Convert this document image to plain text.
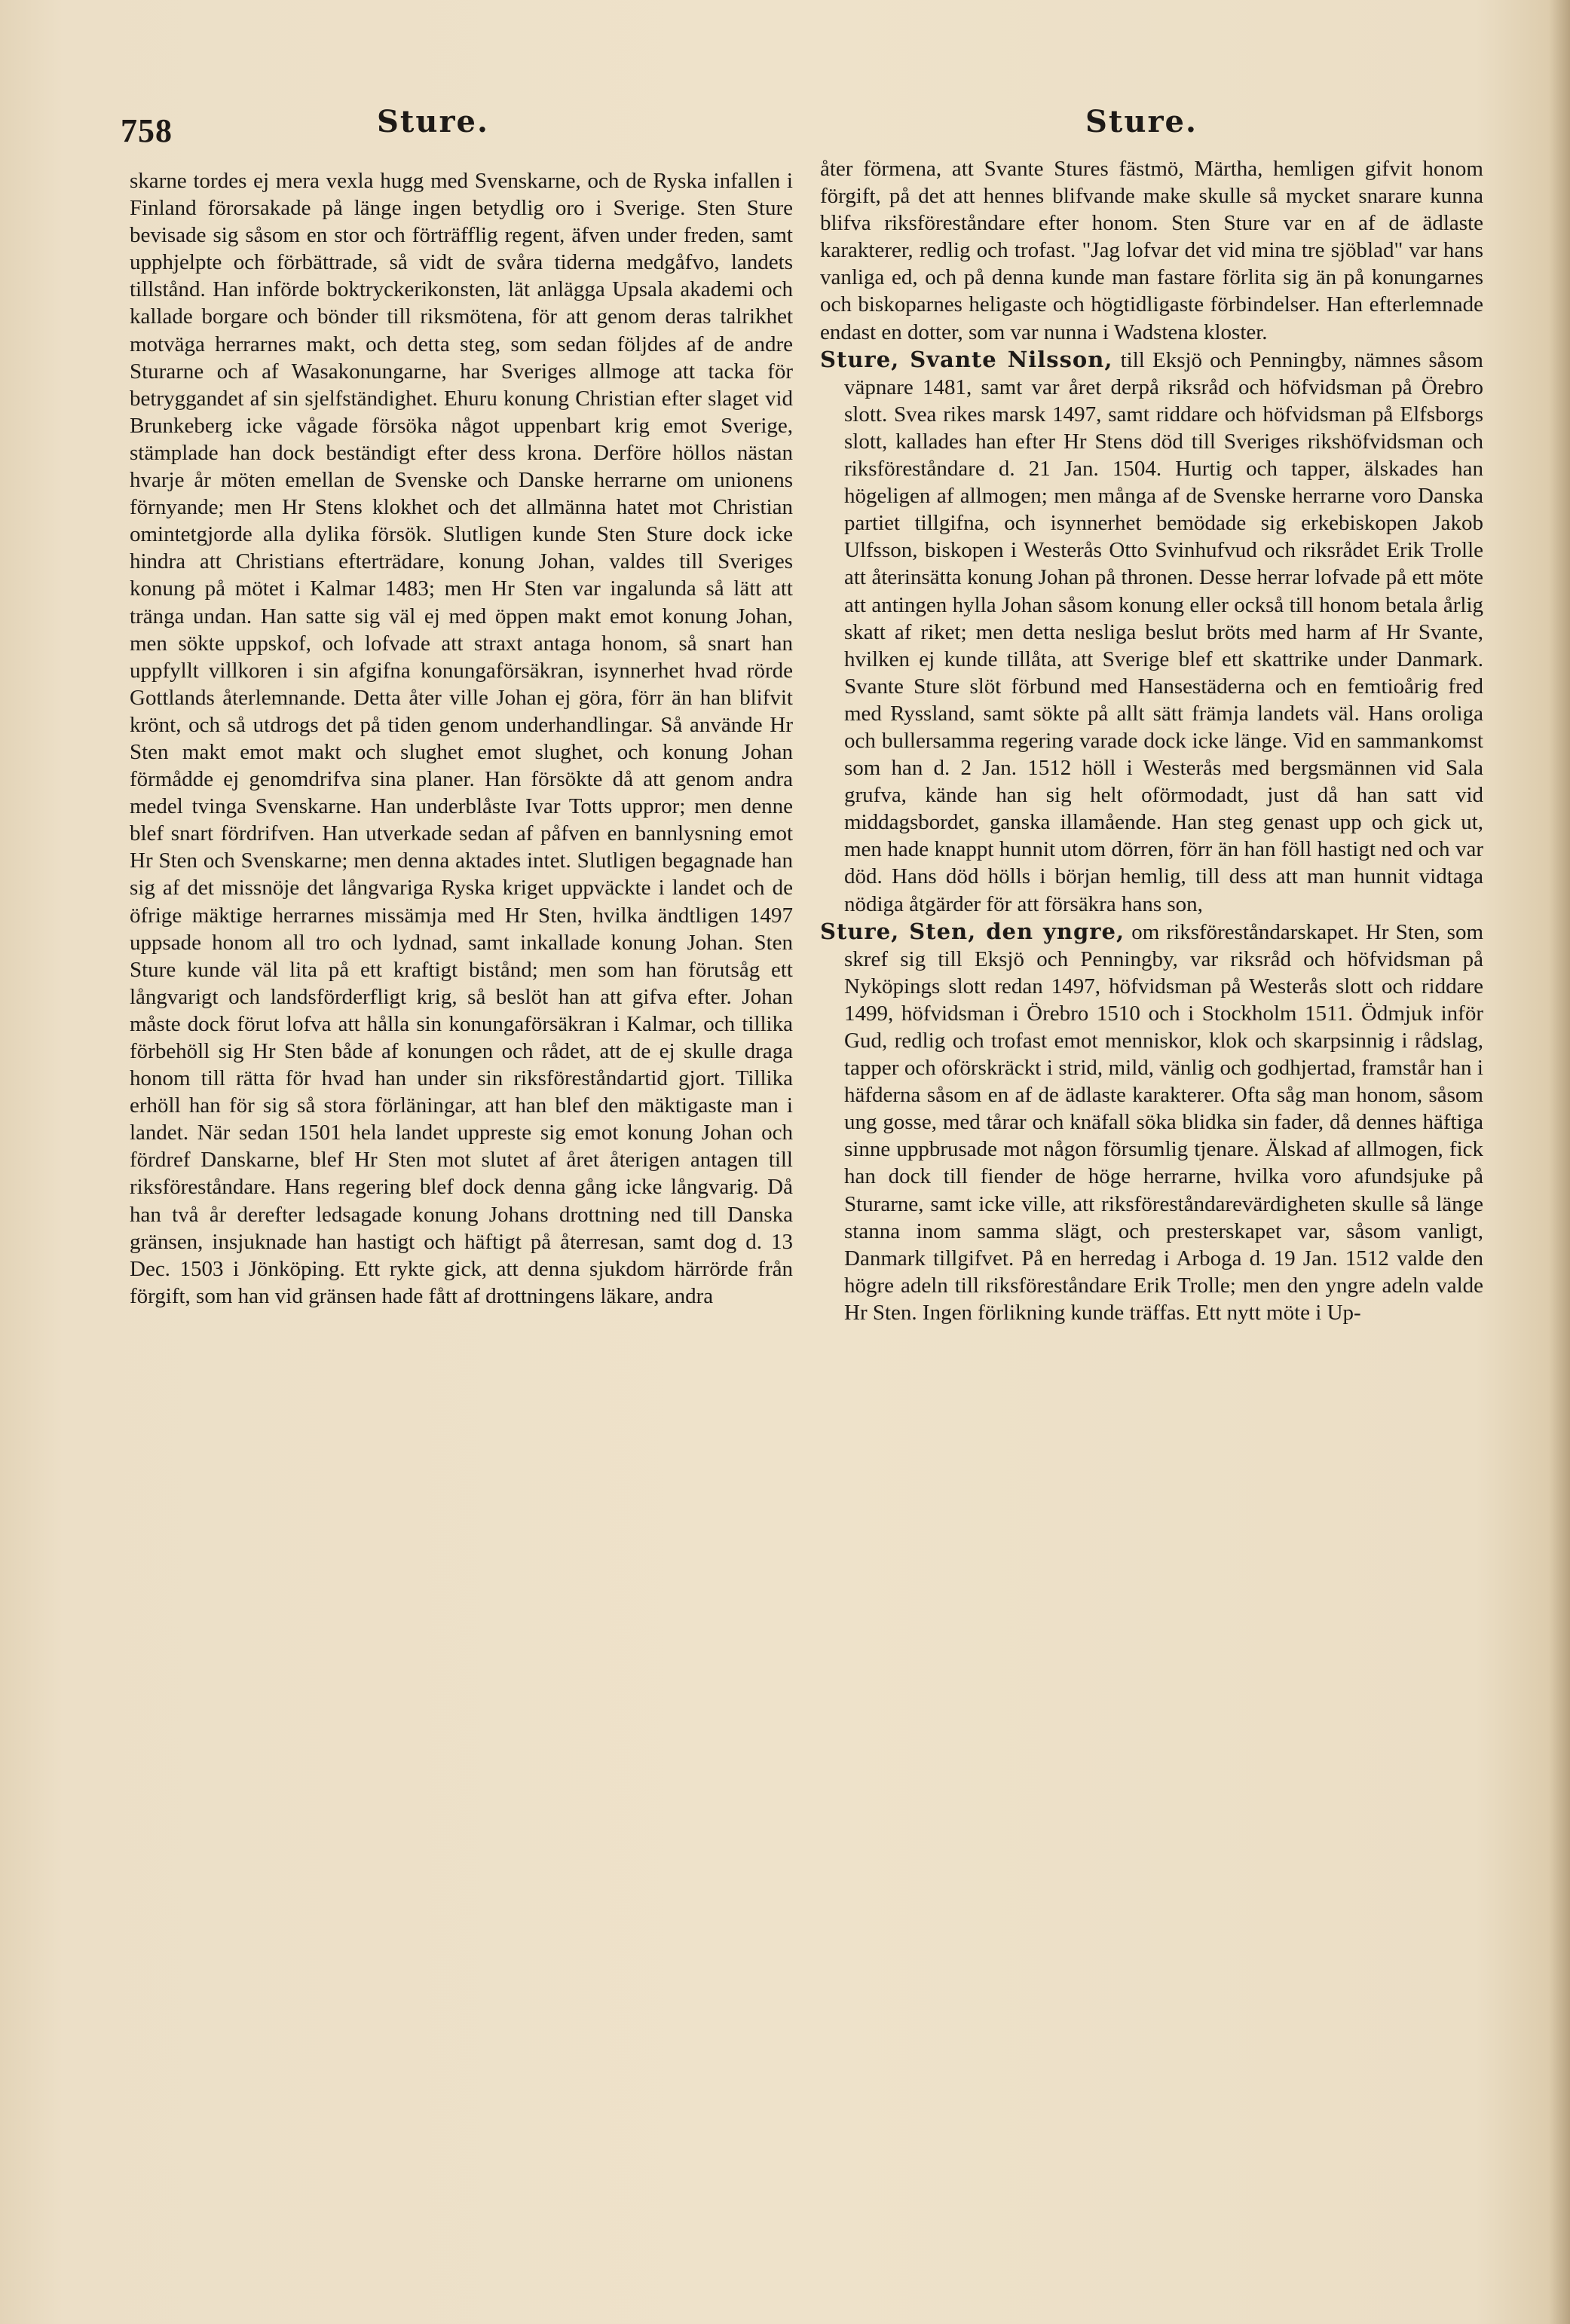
758	Sture.	Sture.

skarne tordes ej mera vexla hugg med Svenskarne, och de Ryska infallen i Finland förorsakade på länge ingen betydlig oro i Sverige. Sten Sture bevisade sig såsom en stor och förträfflig regent, äfven under freden, samt upphjelpte och förbättrade, så vidt de svåra tiderna medgåfvo, landets tillstånd. Han införde boktryckerikonsten, lät anlägga Upsala akademi och kallade borgare och bönder till riksmötena, för att genom deras talrikhet motväga herrarnes makt, och detta steg, som sedan följdes af de andre Sturarne och af Wasakonungarne, har Sveriges allmoge att tacka för betryggandet af sin sjelfständighet. Ehuru konung Christian efter slaget vid Brunkeberg icke vågade försöka något uppenbart krig emot Sverige, stämplade han dock beständigt efter dess krona. Derföre höllos nästan hvarje år möten emellan de Svenske och Danske herrarne om unionens förnyande; men Hr Stens klokhet och det allmänna hatet mot Christian omintetgjorde alla dylika försök. Slutligen kunde Sten Sture dock icke hindra att Christians efterträdare, konung Johan, valdes till Sveriges konung på mötet i Kalmar 1483; men Hr Sten var ingalunda så lätt att tränga undan. Han satte sig väl ej med öppen makt emot konung Johan, men sökte uppskof, och lofvade att straxt antaga honom, så snart han uppfyllt villkoren i sin afgifna konungaförsäkran, isynnerhet hvad rörde Gottlands återlemnande. Detta åter ville Johan ej göra, förr än han blifvit krönt, och så utdrogs det på tiden genom underhandlingar. Så använde Hr Sten makt emot makt och slughet emot slughet, och konung Johan förmådde ej genomdrifva sina planer. Han försökte då att genom andra medel tvinga Svenskarne. Han underblåste Ivar Totts uppror; men denne blef snart fördrifven. Han utverkade sedan af påfven en bannlysning emot Hr Sten och Svenskarne; men denna aktades intet. Slutligen begagnade han sig af det missnöje det långvariga Ryska kriget uppväckte i landet och de öfrige mäktige herrarnes missämja med Hr Sten, hvilka ändtligen 1497 uppsade honom all tro och lydnad, samt inkallade konung Johan. Sten Sture kunde väl lita på ett kraftigt bistånd; men som han förutsåg ett långvarigt och landsförderfligt krig, så beslöt han att gifva efter. Johan måste dock förut lofva att hålla sin konungaförsäkran i Kalmar, och tillika förbehöll sig Hr Sten både af konungen och rådet, att de ej skulle draga honom till rätta för hvad han under sin riksföreståndartid gjort. Tillika erhöll han för sig så stora förläningar, att han blef den mäktigaste man i landet. När sedan 1501 hela landet uppreste sig emot konung Johan och fördref Danskarne, blef Hr Sten mot slutet af året återigen antagen till riksföreståndare. Hans regering blef dock denna gång icke långvarig. Då han två år derefter ledsagade konung Johans drottning ned till Danska gränsen, insjuknade han hastigt och häftigt på återresan, samt dog d. 13 Dec. 1503 i Jönköping. Ett rykte gick, att denna sjukdom härrörde från förgift, som han vid gränsen hade fått af drottningens läkare, andra

åter förmena, att Svante Stures fästmö, Märtha, hemligen gifvit honom förgift, på det att hennes blifvande make skulle så mycket snarare kunna blifva riksföreståndare efter honom. Sten Sture var en af de ädlaste karakterer, redlig och trofast. "Jag lofvar det vid mina tre sjöblad" var hans vanliga ed, och på denna kunde man fastare förlita sig än på konungarnes och biskoparnes heligaste och högtidligaste förbindelser. Han efterlemnade endast en dotter, som var nunna i Wadstena kloster.

Sture, Svante Nilsson, till Eksjö och Penningby, nämnes såsom väpnare 1481, samt var året derpå riksråd och höfvidsman på Örebro slott. Svea rikes marsk 1497, samt riddare och höfvidsman på Elfsborgs slott, kallades han efter Hr Stens död till Sveriges rikshöfvidsman och riksföreståndare d. 21 Jan. 1504. Hurtig och tapper, älskades han högeligen af allmogen; men många af de Svenske herrarne voro Danska partiet tillgifna, och isynnerhet bemödade sig erkebiskopen Jakob Ulfsson, biskopen i Westerås Otto Svinhufvud och riksrådet Erik Trolle att återinsätta konung Johan på thronen. Desse herrar lofvade på ett möte att antingen hylla Johan såsom konung eller också till honom betala årlig skatt af riket; men detta nesliga beslut bröts med harm af Hr Svante, hvilken ej kunde tillåta, att Sverige blef ett skattrike under Danmark. Svante Sture slöt förbund med Hansestäderna och en femtioårig fred med Ryssland, samt sökte på allt sätt främja landets väl. Hans oroliga och bullersamma regering varade dock icke länge. Vid en sammankomst som han d. 2 Jan. 1512 höll i Westerås med bergsmännen vid Sala grufva, kände han sig helt oförmodadt, just då han satt vid middagsbordet, ganska illamående. Han steg genast upp och gick ut, men hade knappt hunnit utom dörren, förr än han föll hastigt ned och var död. Hans död hölls i början hemlig, till dess att man hunnit vidtaga nödiga åtgärder för att försäkra hans son,

Sture, Sten, den yngre, om riksföreståndarskapet. Hr Sten, som skref sig till Eksjö och Penningby, var riksråd och höfvidsman på Nyköpings slott redan 1497, höfvidsman på Westerås slott och riddare 1499, höfvidsman i Örebro 1510 och i Stockholm 1511. Ödmjuk inför Gud, redlig och trofast emot menniskor, klok och skarpsinnig i rådslag, tapper och oförskräckt i strid, mild, vänlig och godhjertad, framstår han i häfderna såsom en af de ädlaste karakterer. Ofta såg man honom, såsom ung gosse, med tårar och knäfall söka blidka sin fader, då dennes häftiga sinne uppbrusade mot någon försumlig tjenare. Älskad af allmogen, fick han dock till fiender de höge herrarne, hvilka voro afundsjuke på Sturarne, samt icke ville, att riksföreståndarevärdigheten skulle så länge stanna inom samma slägt, och presterskapet var, såsom vanligt, Danmark tillgifvet. På en herredag i Arboga d. 19 Jan. 1512 valde den högre adeln till riksföreståndare Erik Trolle; men den yngre adeln valde Hr Sten. Ingen förlikning kunde träffas. Ett nytt möte i Up-
